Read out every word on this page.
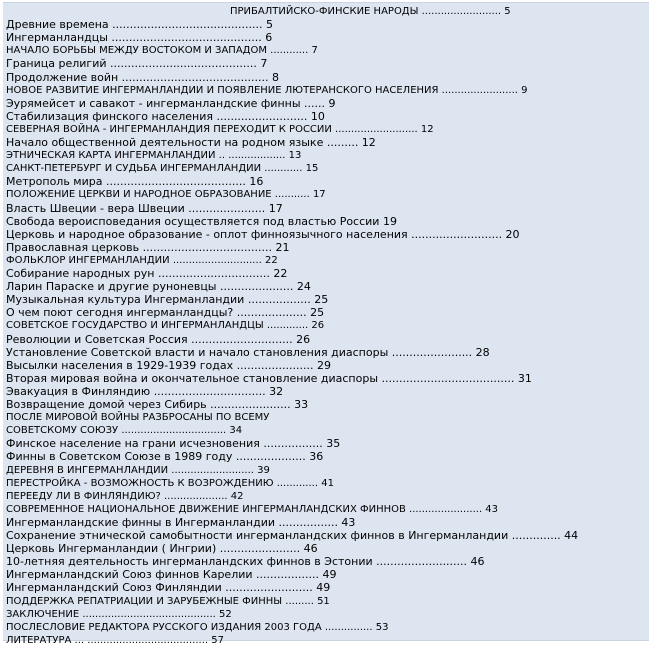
ПРИБАЛТИЙСКО-ФИНСКИЕ НАРОДЫ ......................... 5
Древние времена ........................................... 5
Ингерманландцы ........................................... 6
НАЧАЛО БОРЬБЫ МЕЖДУ ВОСТОКОМ И ЗАПАДОМ ............ 7
Граница религий .......................................... 7
Продолжение войн .......................................... 8
НОВОЕ РАЗВИТИЕ ИНГЕРМАНЛАНДИИ И ПОЯВЛЕНИЕ ЛЮТЕРАНСКОГО НАСЕЛЕНИЯ ........................ 9
Эурямейсет и савакот - ингерманландские финны ...... 9
Стабилизация финского населения .......................... 10
СЕВЕРНАЯ ВОЙНА - ИНГЕРМАНЛАНДИЯ ПЕРЕХОДИТ К РОССИИ .......................... 12
Начало общественной деятельности на родном языке ......... 12
ЭТНИЧЕСКАЯ КАРТА ИНГЕРМАНЛАНДИИ .. .................. 13
САНКТ-ПЕТЕРБУРГ И СУДЬБА ИНГЕРМАНЛАНДИИ ............ 15
Метрополь мира ........................................ 16
ПОЛОЖЕНИЕ ЦЕРКВИ И НАРОДНОЕ ОБРАЗОВАНИЕ ........... 17
Власть Швеции - вера Швеции ...................... 17
Свобода вероисповедания осуществляется под властью России 19
Церковь и народное образование - оплот финноязычного населения .......................... 20
Православная церковь ..................................... 21
ФОЛЬКЛОР ИНГЕРМАНЛАНДИИ ............................ 22
Собирание народных рун ................................ 22
Ларин Параске и другие руноневцы ..................... 24
Музыкальная культура Ингерманландии .................. 25
О чем поют сегодня ингерманландцы? .................... 25
СОВЕТСКОЕ ГОСУДАРСТВО И ИНГЕРМАНЛАНДЦЫ ............. 26
Революции и Советская Россия ............................. 26
Установление Советской власти и начало становления диаспоры ....................... 28
Высылки населения в 1929-1939 годах ...................... 29
Вторая мировая война и окончательное становление диаспоры ...................................... 31
Эвакуация в Финляндию ................................ 32
Возвращение домой через Сибирь ....................... 33
ПОСЛЕ МИРОВОЙ ВОЙНЫ РАЗБРОСАНЫ ПО ВСЕМУ
СОВЕТСКОМУ СОЮЗУ ................................. 34
Финское население на грани исчезновения ................. 35
Финны в Советском Союзе в 1989 году .................... 36
ДЕРЕВНЯ В ИНГЕРМАНЛАНДИИ .......................... 39
ПЕРЕСТРОЙКА - ВОЗМОЖНОСТЬ К ВОЗРОЖДЕНИЮ ............. 41
ПЕРЕЕДУ ЛИ В ФИНЛЯНДИЮ? .................... 42
СОВРЕМЕННОЕ НАЦИОНАЛЬНОЕ ДВИЖЕНИЕ ИНГЕРМАНЛАНДСКИХ ФИННОВ ....................... 43
Ингерманландские финны в Ингерманландии ................. 43
Сохранение этнической самобытности ингерманландских финнов в Ингерманландии .............. 44
Церковь Ингерманландии ( Ингрии) ....................... 46
10-летняя деятельность ингерманландских финнов в Эстонии .......................... 46
Ингерманландский Союз финнов Карелии .................. 49
Ингерманландский Союз Финляндии ......................... 49
ПОДДЕРЖКА РЕПАТРИАЦИИ И ЗАРУБЕЖНЫЕ ФИННЫ ......... 51
ЗАКЛЮЧЕНИЕ .......................................... 52
ПОСЛЕСЛОВИЕ РЕДАКТОРА РУССКОГО ИЗДАНИЯ 2003 ГОДА ............... 53
ЛИТЕРАТУРА ... ...................................... 57
